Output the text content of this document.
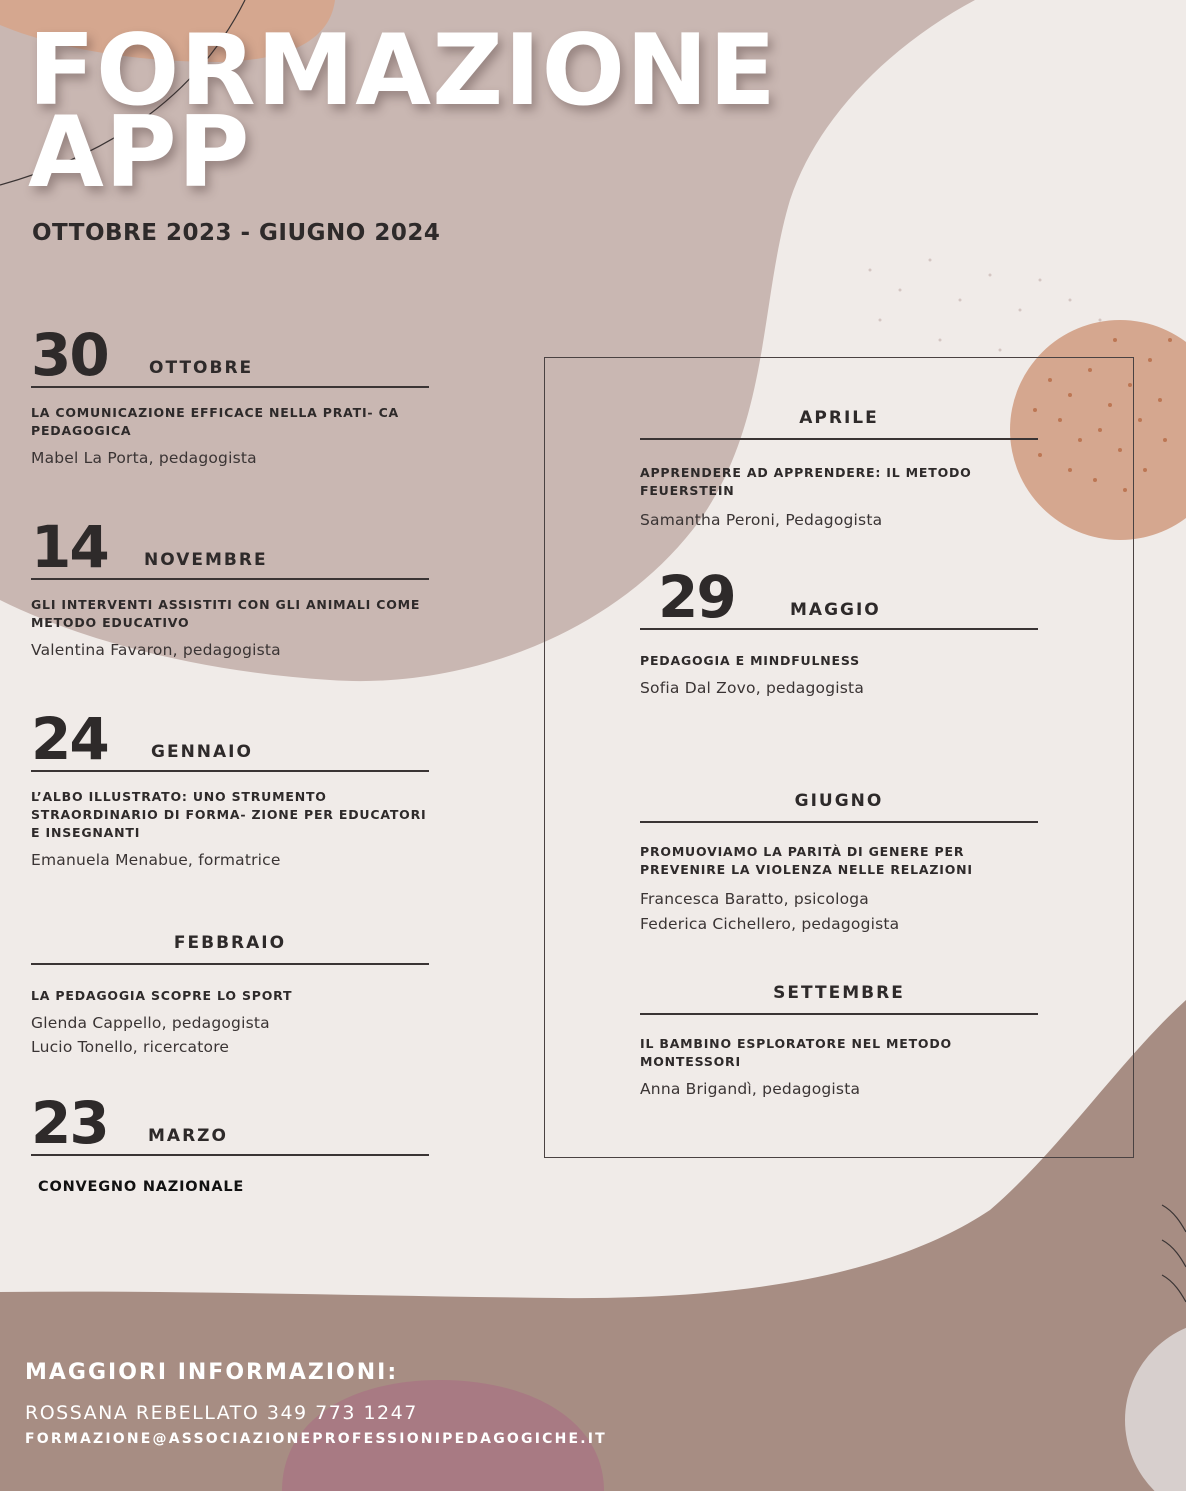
FORMAZIONE
APP
OTTOBRE 2023 - GIUGNO 2024
30 OTTOBRE
LA COMUNICAZIONE EFFICACE NELLA PRATI- CA PEDAGOGICA
Mabel La Porta, pedagogista
14 NOVEMBRE
GLI INTERVENTI ASSISTITI CON GLI ANIMALI COME METODO EDUCATIVO
Valentina Favaron, pedagogista
24	GENNAIO
L’ALBO ILLUSTRATO: UNO STRUMENTO STRAORDINARIO DI FORMA- ZIONE PER EDUCATORI E INSEGNANTI
Emanuela Menabue, formatrice
FEBBRAIO
LA PEDAGOGIA SCOPRE LO SPORT
Glenda Cappello, pedagogista
Lucio Tonello, ricercatore
23 MARZO
CONVEGNO NAZIONALE
APRILE
APPRENDERE AD APPRENDERE: IL METODO FEUERSTEIN
Samantha Peroni, Pedagogista
29	MAGGIO
PEDAGOGIA E MINDFULNESS
Sofia Dal Zovo, pedagogista
GIUGNO
PROMUOVIAMO LA PARITÀ DI GENERE PER PREVENIRE LA VIOLENZA NELLE RELAZIONI
Francesca Baratto, psicologa
Federica Cichellero, pedagogista
SETTEMBRE
IL BAMBINO ESPLORATORE NEL METODO MONTESSORI
Anna Brigandì, pedagogista
MAGGIORI INFORMAZIONI:
ROSSANA REBELLATO 349 773 1247
FORMAZIONE@ASSOCIAZIONEPROFESSIONIPEDAGOGICHE.IT
